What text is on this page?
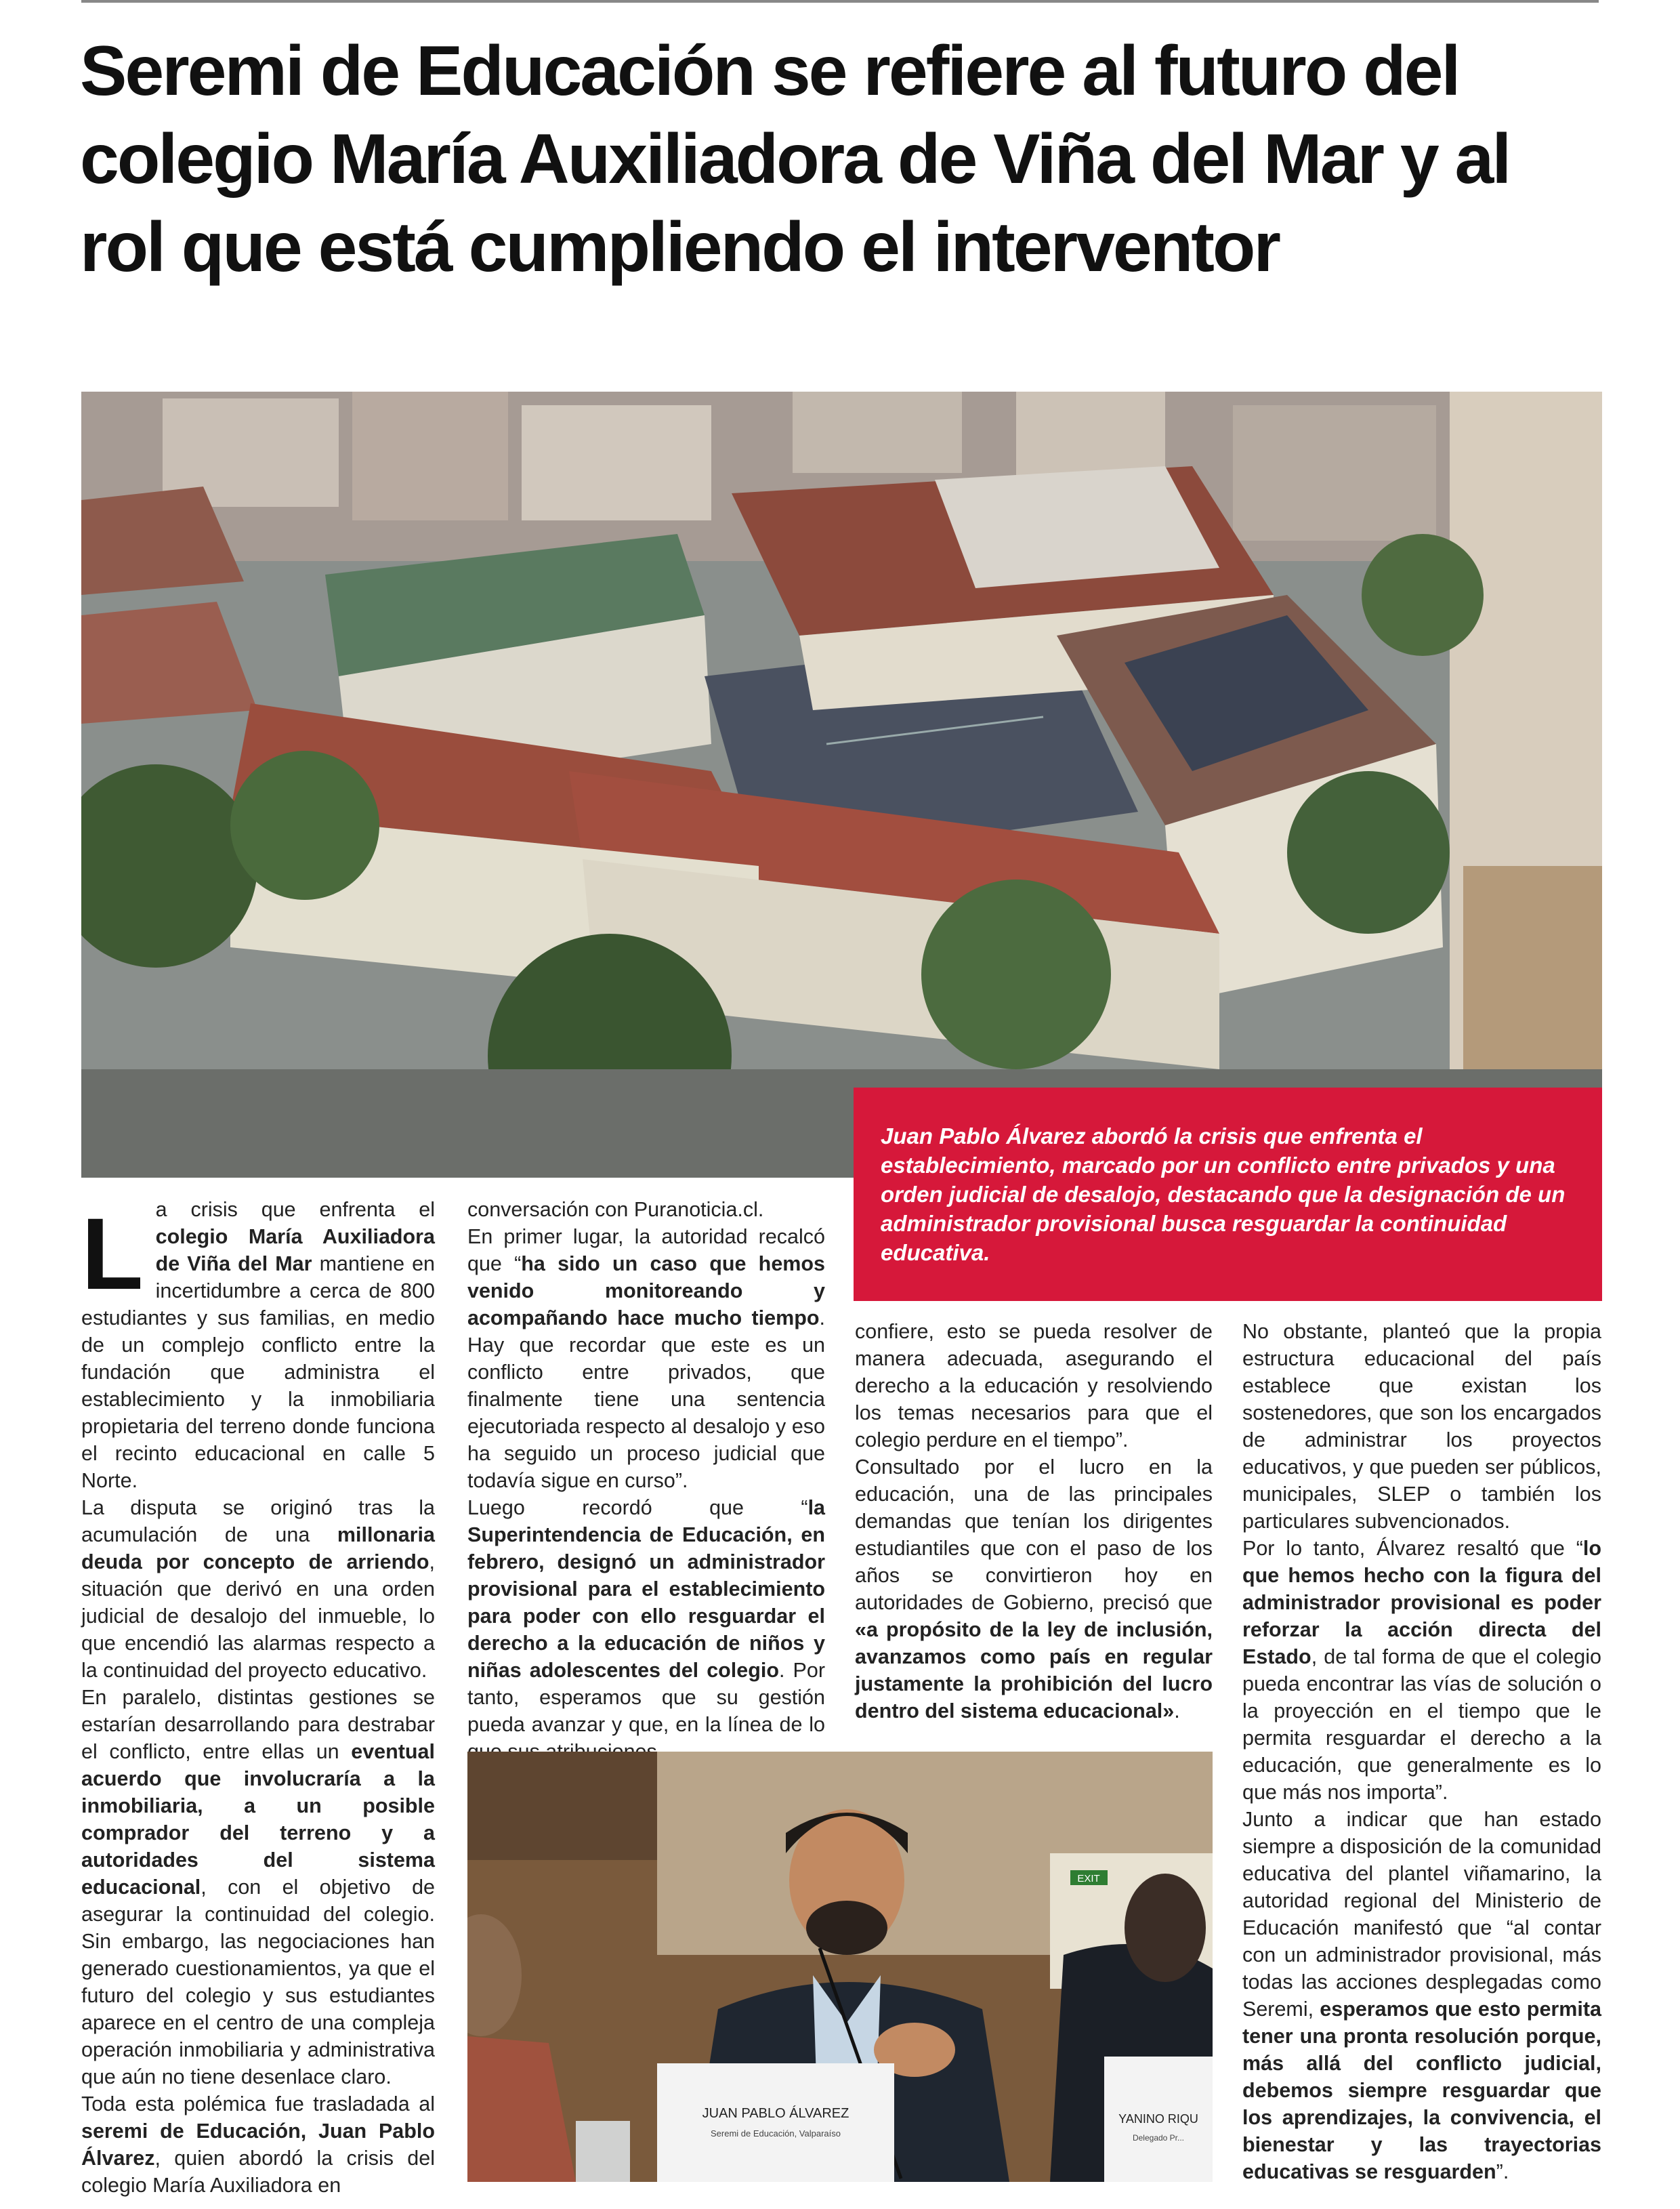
Seremi de Educación se refiere al futuro del colegio María Auxiliadora de Viña del Mar y al rol que está cumpliendo el interventor
Juan Pablo Álvarez abordó la crisis que enfrenta el establecimiento, marcado por un conflicto entre privados y una orden judicial de desalojo, destacando que la designación de un administrador provisional busca resguardar la continuidad educativa.
L a crisis que enfrenta el colegio María Auxiliadora de Viña del Mar mantiene en incertidumbre a cerca de 800 estudiantes y sus familias, en medio de un complejo conflicto entre la fundación que administra el establecimiento y la inmobiliaria propietaria del terreno donde funciona el recinto educacional en calle 5 Norte.

La disputa se originó tras la acumulación de una millonaria deuda por concepto de arriendo, situación que derivó en una orden judicial de desalojo del inmueble, lo que encendió las alarmas respecto a la continuidad del proyecto educativo.

En paralelo, distintas gestiones se estarían desarrollando para destrabar el conflicto, entre ellas un eventual acuerdo que involucraría a la inmobiliaria, a un posible comprador del terreno y a autoridades del sistema educacional, con el objetivo de asegurar la continuidad del colegio. Sin embargo, las negociaciones han generado cuestionamientos, ya que el futuro del colegio y sus estudiantes aparece en el centro de una compleja operación inmobiliaria y administrativa que aún no tiene desenlace claro.

Toda esta polémica fue trasladada al seremi de Educación, Juan Pablo Álvarez, quien abordó la crisis del colegio María Auxiliadora en

conversación con Puranoticia.cl.

En primer lugar, la autoridad recalcó que “ha sido un caso que hemos venido monitoreando y acompañando hace mucho tiempo. Hay que recordar que este es un conflicto entre privados, que finalmente tiene una sentencia ejecutoriada respecto al desalojo y eso ha seguido un proceso judicial que todavía sigue en curso”.

Luego recordó que “la Superintendencia de Educación, en febrero, designó un administrador provisional para el establecimiento para poder con ello resguardar el derecho a la educación de niños y niñas adolescentes del colegio. Por tanto, esperamos que su gestión pueda avanzar y que, en la línea de lo

confiere, esto se pueda resolver de manera adecuada, asegurando el derecho a la educación y resolviendo los temas necesarios para que el colegio perdure en el tiempo”.

Consultado por el lucro en la educación, una de las principales demandas que tenían los dirigentes estudiantiles que con el paso de los años se convirtieron hoy en autoridades de Gobierno, precisó que «a propósito de la ley de inclusión, avanzamos como país en regular justamente la prohibición del lucro dentro del sistema educacional».

No obstante, planteó que la propia estructura educacional del país establece que existan los sostenedores, que son los encargados de administrar los proyectos educativos, y que pueden ser públicos, municipales, SLEP o también los particulares subvencionados.

Por lo tanto, Álvarez resaltó que “lo que hemos hecho con la figura del administrador provisional es poder reforzar la acción directa del Estado, de tal forma de que el colegio pueda encontrar las vías de solución o la proyección en el tiempo que le permita resguardar el derecho a la educación, que generalmente es lo que más nos importa”.

Junto a indicar que han estado siempre a disposición de la comunidad educativa del plantel viñamarino, la autoridad regional del Ministerio de Educación manifestó que “al contar con un administrador provisional, más todas las acciones desplegadas como Seremi, esperamos que esto permita tener una pronta resolución porque, más allá del conflicto judicial, debemos siempre resguardar que los aprendizajes, la convivencia, el bienestar y las trayectorias educativas se resguarden”.

EXIT
JUAN PABLO ÁLVAREZ
Seremi de Educación, Valparaíso
YANINO RIQU
Delegado Pr...
